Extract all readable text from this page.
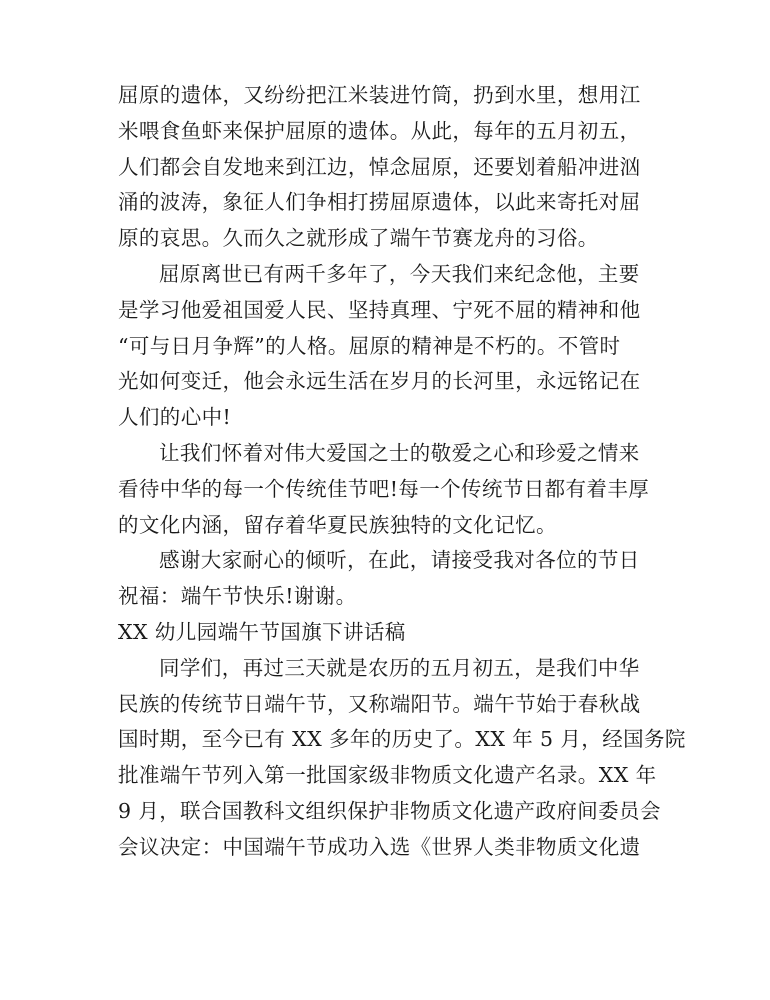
屈原的遗体，又纷纷把江米装进竹筒，扔到水里，想用江
米喂食鱼虾来保护屈原的遗体。从此，每年的五月初五，
人们都会自发地来到江边，悼念屈原，还要划着船冲进汹
涌的波涛，象征人们争相打捞屈原遗体，以此来寄托对屈
原的哀思。久而久之就形成了端午节赛龙舟的习俗。
屈原离世已有两千多年了，今天我们来纪念他，主要
是学习他爱祖国爱人民、坚持真理、宁死不屈的精神和他
“可与日月争辉”的人格。屈原的精神是不朽的。不管时
光如何变迁，他会永远生活在岁月的长河里，永远铭记在
人们的心中!
让我们怀着对伟大爱国之士的敬爱之心和珍爱之情来
看待中华的每一个传统佳节吧!每一个传统节日都有着丰厚
的文化内涵，留存着华夏民族独特的文化记忆。
感谢大家耐心的倾听，在此，请接受我对各位的节日
祝福：端午节快乐!谢谢。
XX 幼儿园端午节国旗下讲话稿
同学们，再过三天就是农历的五月初五，是我们中华
民族的传统节日端午节，又称端阳节。端午节始于春秋战
国时期，至今已有 XX 多年的历史了。XX 年 5 月，经国务院
批准端午节列入第一批国家级非物质文化遗产名录。XX 年
9 月，联合国教科文组织保护非物质文化遗产政府间委员会
会议决定：中国端午节成功入选《世界人类非物质文化遗
